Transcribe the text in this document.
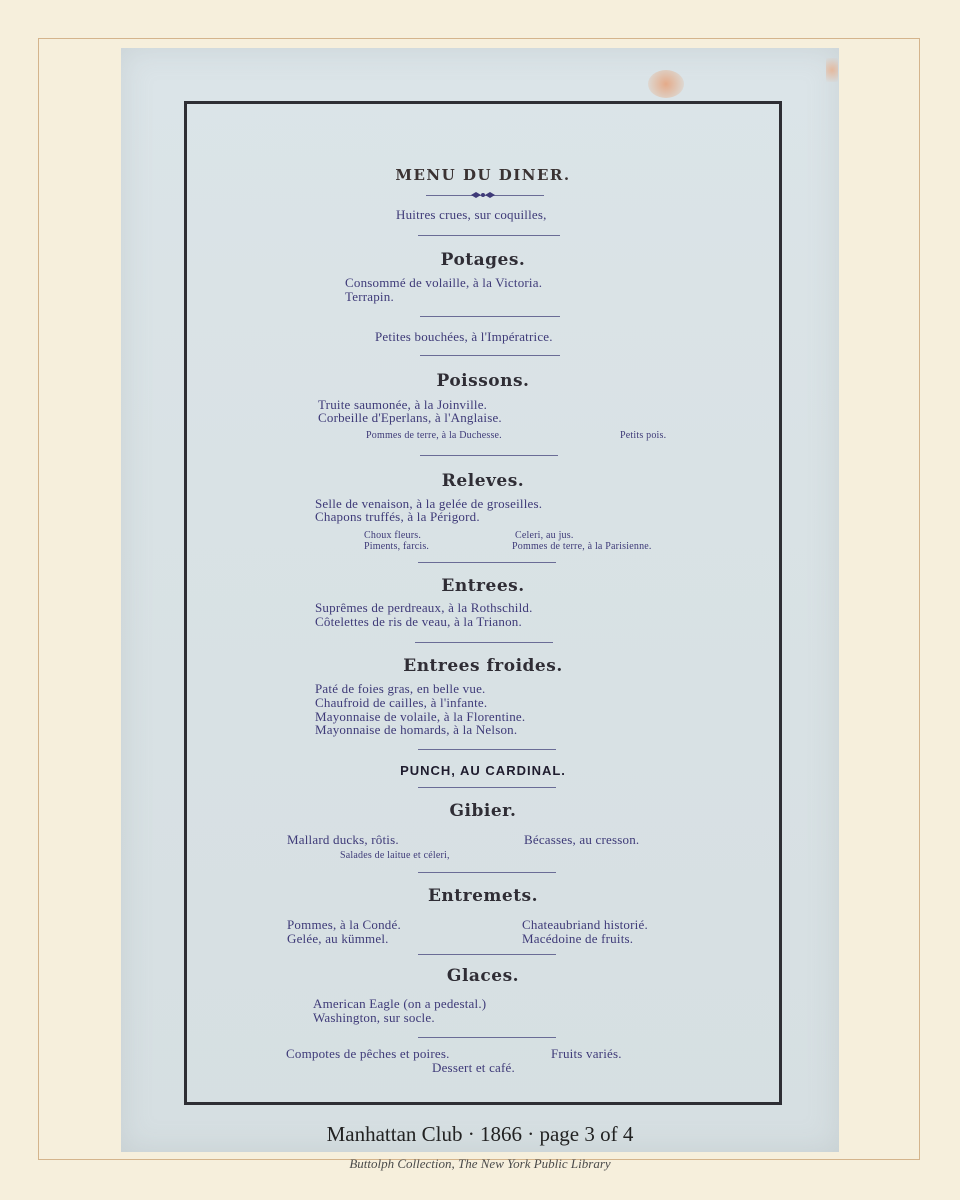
MENU DU DINER.
Huitres crues, sur coquilles,
Potages.
Consommé de volaille, à la Victoria.
Terrapin.
Petites bouchées, à l'Impératrice.
Poissons.
Truite saumonée, à la Joinville.
Corbeille d'Eperlans, à l'Anglaise.
Pommes de terre, à la Duchesse.	Petits pois.
Releves.
Selle de venaison, à la gelée de groseilles.
Chapons truffés, à la Périgord.
Choux fleurs.	Celeri, au jus.
Piments, farcis.	Pommes de terre, à la Parisienne.
Entrees.
Suprêmes de perdreaux, à la Rothschild.
Côtelettes de ris de veau, à la Trianon.
Entrees froides.
Paté de foies gras, en belle vue.
Chaufroid de cailles, à l'infante.
Mayonnaise de volaile, à la Florentine.
Mayonnaise de homards, à la Nelson.
PUNCH, AU CARDINAL.
Gibier.
Mallard ducks, rôtis.	Bécasses, au cresson.
Salades de laitue et céleri,
Entremets.
Pommes, à la Condé.	Chateaubriand historié.
Gelée, au kümmel.	Macédoine de fruits.
Glaces.
American Eagle (on a pedestal.)
Washington, sur socle.
Compotes de pêches et poires.	Fruits variés.
Dessert et café.
Manhattan Club · 1866 · page 3 of 4
Buttolph Collection, The New York Public Library
